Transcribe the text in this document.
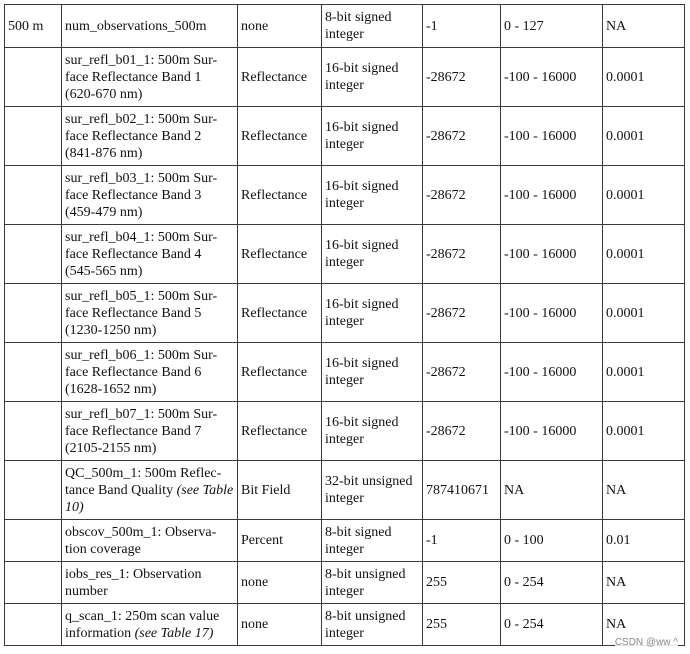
500 m	num_observations_500m	none	8-bit signed integer	-1	0 - 127	NA
	sur_refl_b01_1: 500m Sur-face Reflectance Band 1 (620-670 nm)	Reflectance	16-bit signed integer	-28672	-100 - 16000	0.0001
	sur_refl_b02_1: 500m Sur-face Reflectance Band 2 (841-876 nm)	Reflectance	16-bit signed integer	-28672	-100 - 16000	0.0001
	sur_refl_b03_1: 500m Sur-face Reflectance Band 3 (459-479 nm)	Reflectance	16-bit signed integer	-28672	-100 - 16000	0.0001
	sur_refl_b04_1: 500m Sur-face Reflectance Band 4 (545-565 nm)	Reflectance	16-bit signed integer	-28672	-100 - 16000	0.0001
	sur_refl_b05_1: 500m Sur-face Reflectance Band 5 (1230-1250 nm)	Reflectance	16-bit signed integer	-28672	-100 - 16000	0.0001
	sur_refl_b06_1: 500m Sur-face Reflectance Band 6 (1628-1652 nm)	Reflectance	16-bit signed integer	-28672	-100 - 16000	0.0001
	sur_refl_b07_1: 500m Sur-face Reflectance Band 7 (2105-2155 nm)	Reflectance	16-bit signed integer	-28672	-100 - 16000	0.0001
	QC_500m_1: 500m Reflec-tance Band Quality (see Table 10)	Bit Field	32-bit unsigned integer	787410671	NA	NA
	obscov_500m_1: Observa-tion coverage	Percent	8-bit signed integer	-1	0 - 100	0.01
	iobs_res_1: Observation number	none	8-bit unsigned integer	255	0 - 254	NA
	q_scan_1: 250m scan value information (see Table 17)	none	8-bit unsigned integer	255	0 - 254	NA
CSDN @ww ^
